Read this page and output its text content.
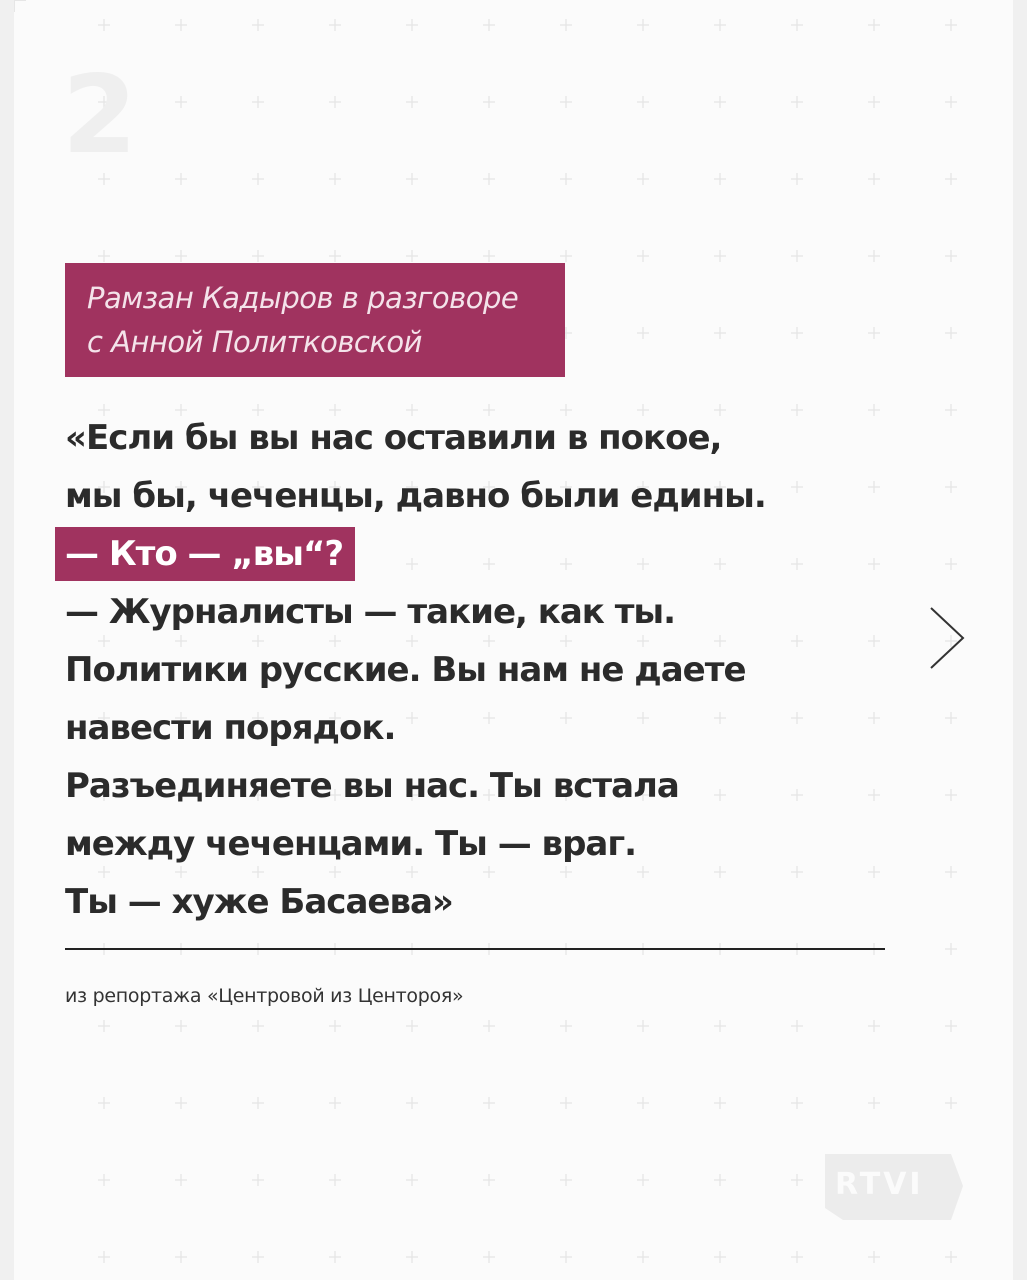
2
Рамзан Кадыров в разговоре
с Анной Политковской
«Если бы вы нас оставили в покое,
мы бы, чеченцы, давно были едины.
— Кто — „вы“?
— Журналисты — такие, как ты.
Политики русские. Вы нам не даете
навести порядок.
Разъединяете вы нас. Ты встала
между чеченцами. Ты — враг.
Ты — хуже Басаева»
из репортажа «Центровой из Центороя»
RTVI
